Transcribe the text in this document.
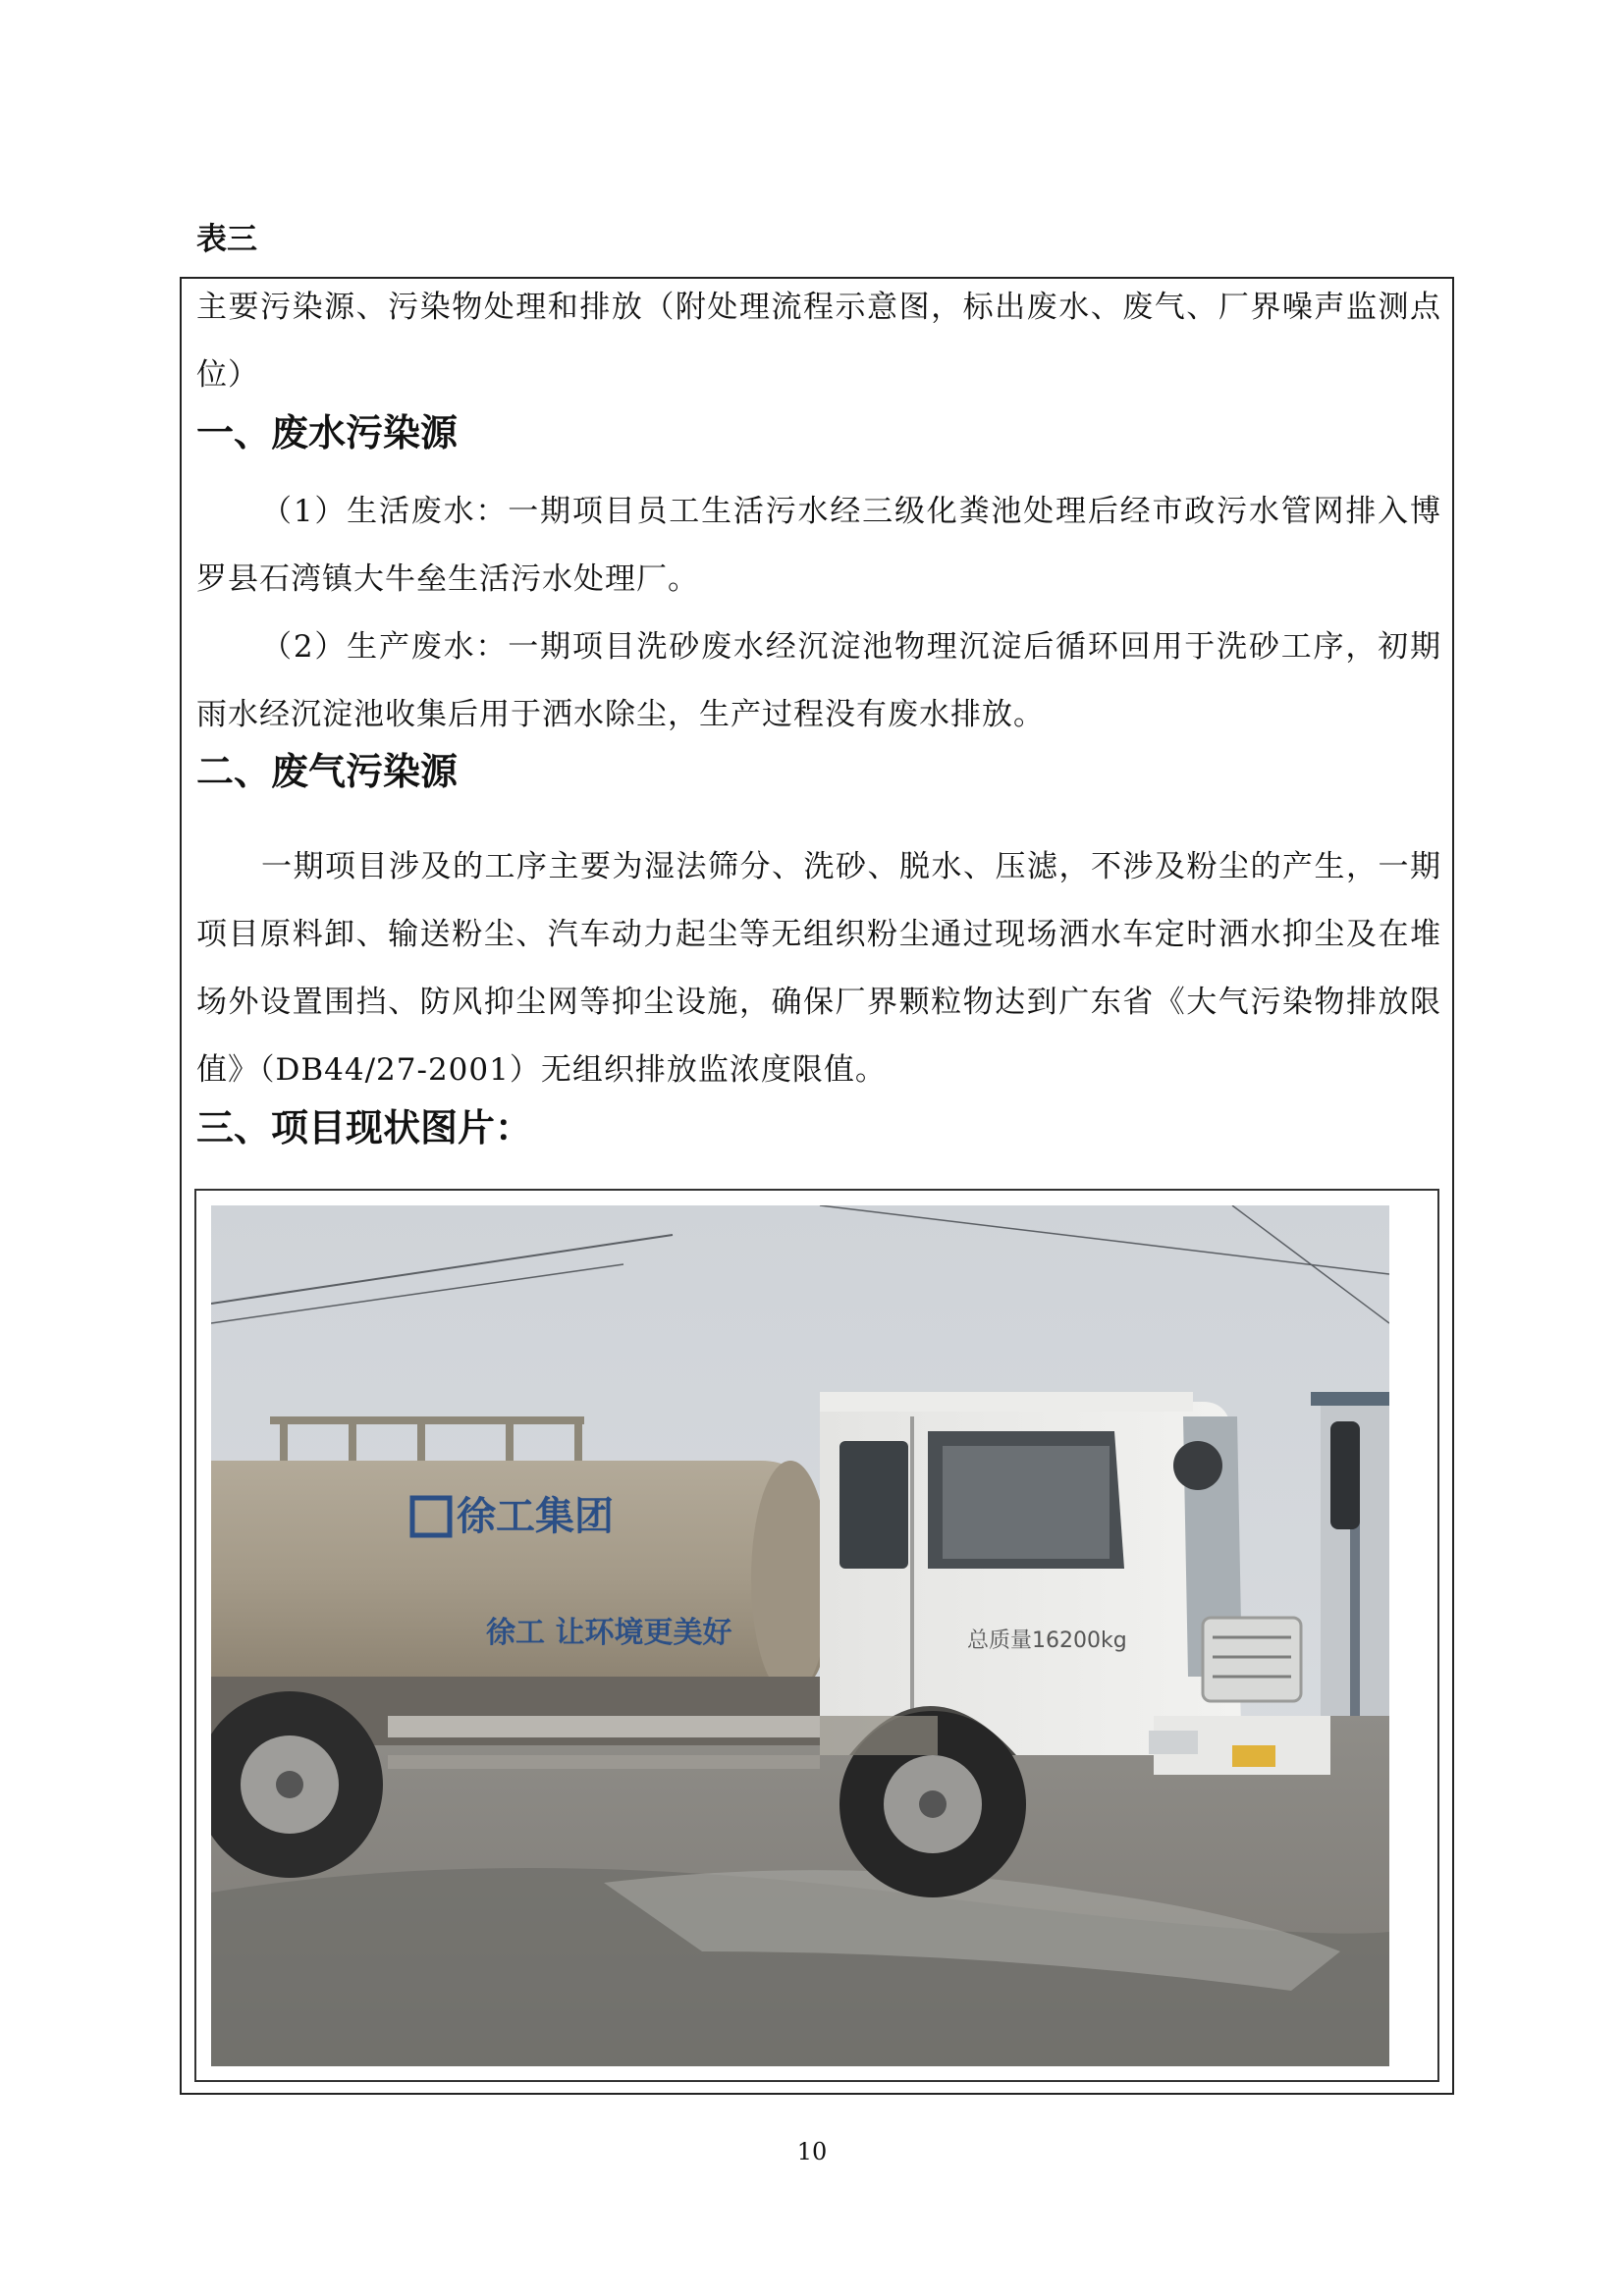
表三

主要污染源、污染物处理和排放（附处理流程示意图，标出废水、废气、厂界噪声监测点位）

一、废水污染源

（1）生活废水：一期项目员工生活污水经三级化粪池处理后经市政污水管网排入博罗县石湾镇大牛垒生活污水处理厂。

（2）生产废水：一期项目洗砂废水经沉淀池物理沉淀后循环回用于洗砂工序，初期雨水经沉淀池收集后用于洒水除尘，生产过程没有废水排放。

二、废气污染源

一期项目涉及的工序主要为湿法筛分、洗砂、脱水、压滤，不涉及粉尘的产生，一期项目原料卸、输送粉尘、汽车动力起尘等无组织粉尘通过现场洒水车定时洒水抑尘及在堆场外设置围挡、防风抑尘网等抑尘设施，确保厂界颗粒物达到广东省《大气污染物排放限值》（DB44/27-2001）无组织排放监浓度限值。

三、项目现状图片：
徐工集团
徐工 让环境更美好	总质量16200kg
10
